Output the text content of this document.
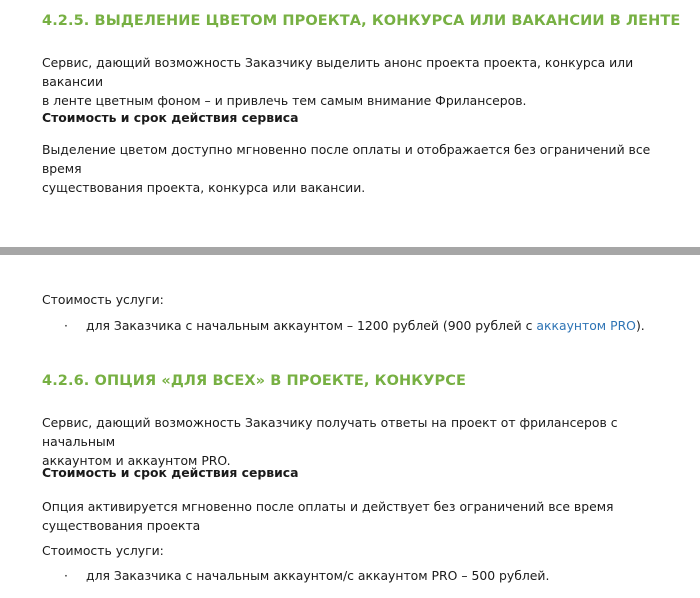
4.2.5. ВЫДЕЛЕНИЕ ЦВЕТОМ ПРОЕКТА, КОНКУРСА ИЛИ ВАКАНСИИ В ЛЕНТЕ

Сервис, дающий возможность Заказчику выделить анонс проекта проекта, конкурса или вакансии
в ленте цветным фоном – и привлечь тем самым внимание Фрилансеров.

Стоимость и срок действия сервиса

Выделение цветом доступно мгновенно после оплаты и отображается без ограничений все время
существования проекта, конкурса или вакансии.

Стоимость услуги:

· для Заказчика с начальным аккаунтом – 1200 рублей (900 рублей с аккаунтом PRO).
4.2.6. ОПЦИЯ «ДЛЯ ВСЕХ» В ПРОЕКТЕ, КОНКУРСЕ

Сервис, дающий возможность Заказчику получать ответы на проект от фрилансеров с начальным
аккаунтом и аккаунтом PRO.

Стоимость и срок действия сервиса

Опция активируется мгновенно после оплаты и действует без ограничений все время
существования проекта

Стоимость услуги:

· для Заказчика с начальным аккаунтом/с аккаунтом PRO – 500 рублей.
